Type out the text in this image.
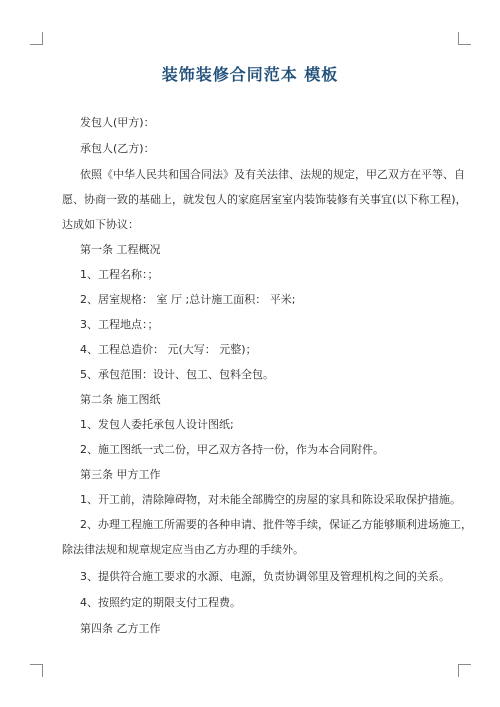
装饰装修合同范本 模板
发包人(甲方)：
承包人(乙方)：
依照《中华人民共和国合同法》及有关法律、法规的规定，甲乙双方在平等、自
愿、协商一致的基础上，就发包人的家庭居室室内装饰装修有关事宜(以下称工程)，
达成如下协议：
第一条 工程概况
1、工程名称：；
2、居室规格： 室 厅 ;总计施工面积： 平米;
3、工程地点：；
4、工程总造价： 元(大写： 元整)；
5、承包范围：设计、包工、包料全包。
第二条 施工图纸
1、发包人委托承包人设计图纸;
2、施工图纸一式二份，甲乙双方各持一份，作为本合同附件。
第三条 甲方工作
1、开工前，清除障碍物，对未能全部腾空的房屋的家具和陈设采取保护措施。
2、办理工程施工所需要的各种申请、批件等手续，保证乙方能够顺利进场施工，
除法律法规和规章规定应当由乙方办理的手续外。
3、提供符合施工要求的水源、电源，负责协调邻里及管理机构之间的关系。
4、按照约定的期限支付工程费。
第四条 乙方工作
